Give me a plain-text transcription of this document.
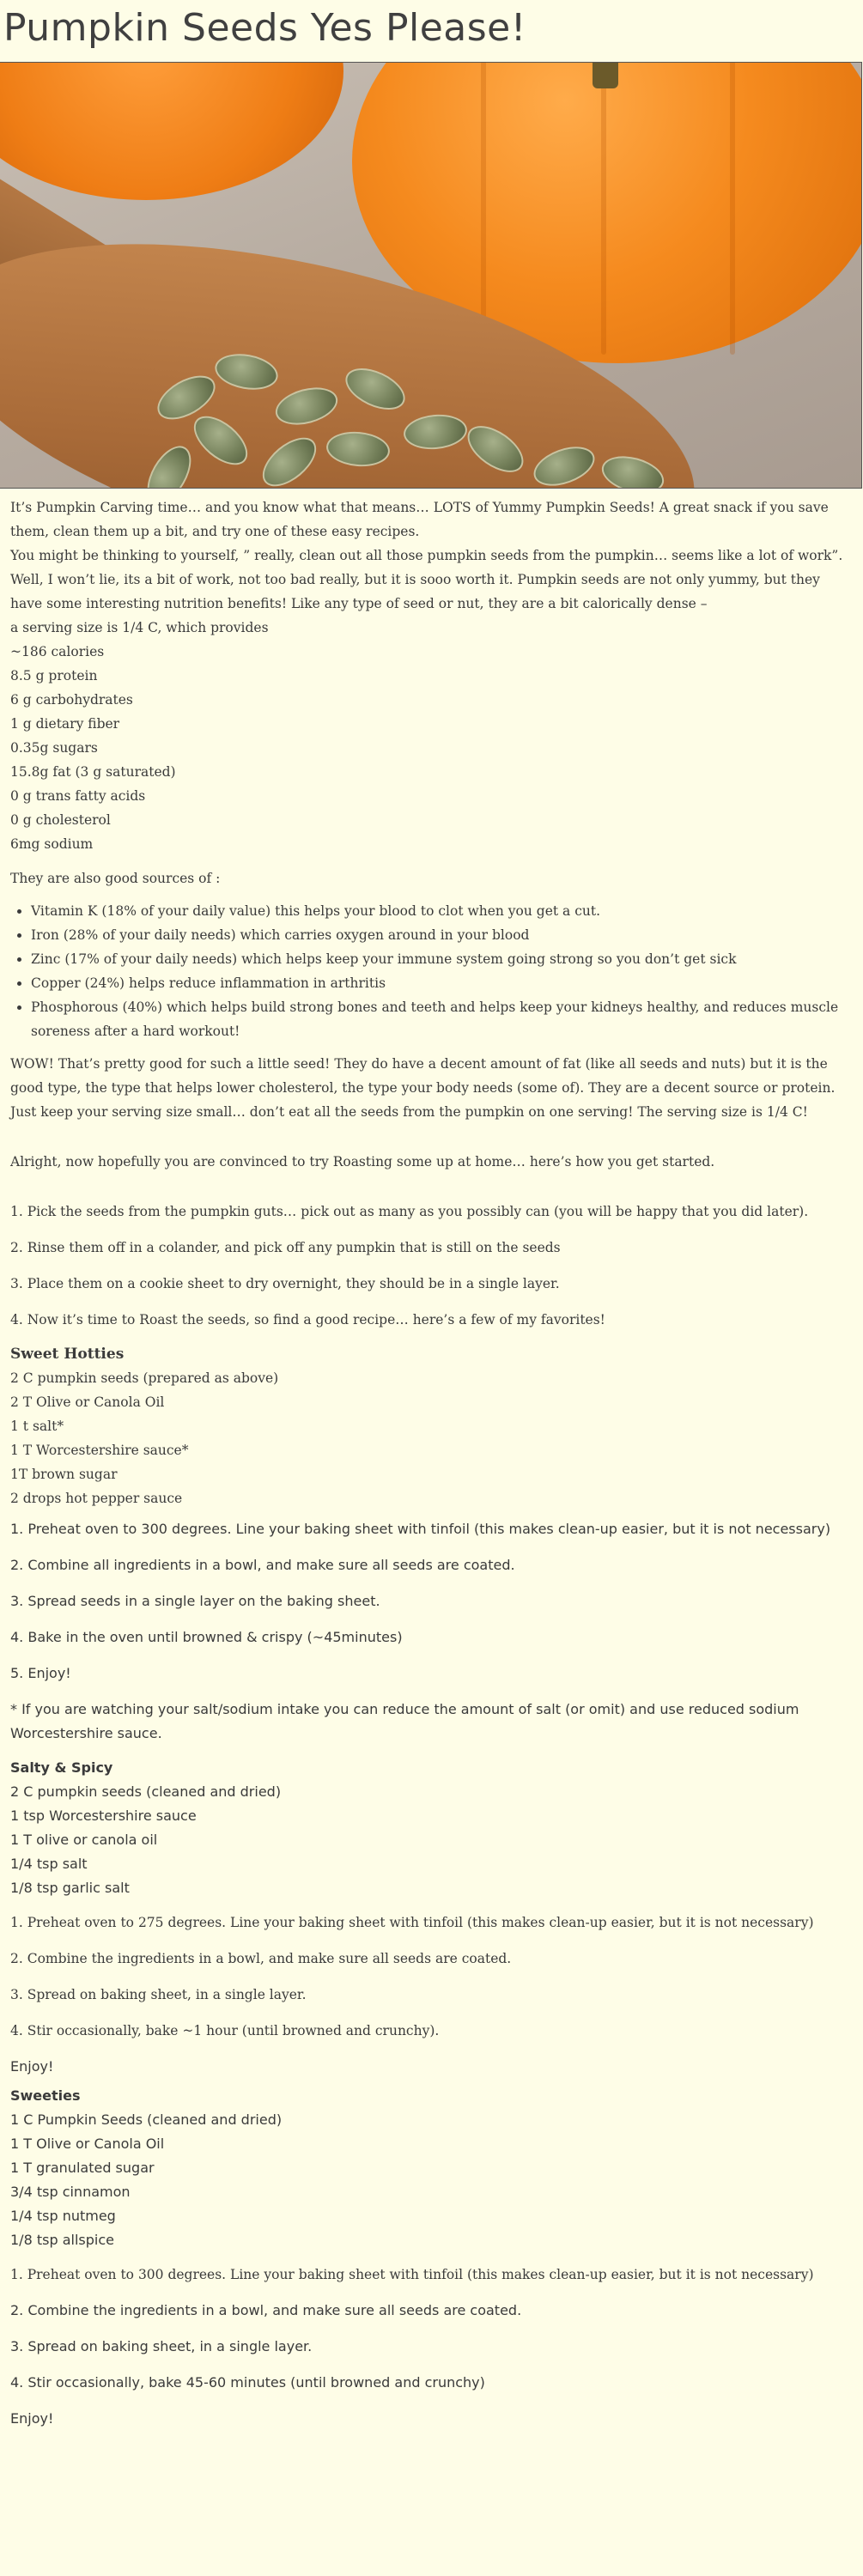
Pumpkin Seeds Yes Please!

It’s Pumpkin Carving time… and you know what that means… LOTS of Yummy Pumpkin Seeds! A great snack if you save them, clean them up a bit, and try one of these easy recipes.

You might be thinking to yourself, ” really, clean out all those pumpkin seeds from the pumpkin… seems like a lot of work”. Well, I won’t lie, its a bit of work, not too bad really, but it is sooo worth it. Pumpkin seeds are not only yummy, but they have some interesting nutrition benefits! Like any type of seed or nut, they are a bit calorically dense –

a serving size is 1/4 C, which provides
~186 calories
8.5 g protein
6 g carbohydrates
1 g dietary fiber
0.35g sugars
15.8g fat (3 g saturated)
0 g trans fatty acids
0 g cholesterol
6mg sodium

They are also good sources of :

• Vitamin K (18% of your daily value) this helps your blood to clot when you get a cut.
• Iron (28% of your daily needs) which carries oxygen around in your blood
• Zinc (17% of your daily needs) which helps keep your immune system going strong so you don’t get sick
• Copper (24%) helps reduce inflammation in arthritis
• Phosphorous (40%) which helps build strong bones and teeth and helps keep your kidneys healthy, and reduces muscle soreness after a hard workout!

WOW! That’s pretty good for such a little seed! They do have a decent amount of fat (like all seeds and nuts) but it is the good type, the type that helps lower cholesterol, the type your body needs (some of). They are a decent source or protein. Just keep your serving size small… don’t eat all the seeds from the pumpkin on one serving! The serving size is 1/4 C!

Alright, now hopefully you are convinced to try Roasting some up at home… here’s how you get started.

1. Pick the seeds from the pumpkin guts… pick out as many as you possibly can (you will be happy that you did later).

2. Rinse them off in a colander, and pick off any pumpkin that is still on the seeds

3. Place them on a cookie sheet to dry overnight, they should be in a single layer.

4. Now it’s time to Roast the seeds, so find a good recipe… here’s a few of my favorites!

Sweet Hotties
2 C pumpkin seeds (prepared as above)
2 T Olive or Canola Oil
1 t salt*
1 T Worcestershire sauce*
1T brown sugar
2 drops hot pepper sauce

1. Preheat oven to 300 degrees. Line your baking sheet with tinfoil (this makes clean-up easier, but it is not necessary)

2. Combine all ingredients in a bowl, and make sure all seeds are coated.

3. Spread seeds in a single layer on the baking sheet.

4. Bake in the oven until browned & crispy (~45minutes)

5. Enjoy!

* If you are watching your salt/sodium intake you can reduce the amount of salt (or omit) and use reduced sodium Worcestershire sauce.

Salty & Spicy
2 C pumpkin seeds (cleaned and dried)
1 tsp Worcestershire sauce
1 T olive or canola oil
1/4 tsp salt
1/8 tsp garlic salt

1. Preheat oven to 275 degrees. Line your baking sheet with tinfoil (this makes clean-up easier, but it is not necessary)

2. Combine the ingredients in a bowl, and make sure all seeds are coated.

3. Spread on baking sheet, in a single layer.

4. Stir occasionally, bake ~1 hour (until browned and crunchy).

Enjoy!

Sweeties
1 C Pumpkin Seeds (cleaned and dried)
1 T Olive or Canola Oil
1 T granulated sugar
3/4 tsp cinnamon
1/4 tsp nutmeg
1/8 tsp allspice

1. Preheat oven to 300 degrees. Line your baking sheet with tinfoil (this makes clean-up easier, but it is not necessary)

2. Combine the ingredients in a bowl, and make sure all seeds are coated.

3. Spread on baking sheet, in a single layer.

4. Stir occasionally, bake 45-60 minutes (until browned and crunchy)

Enjoy!
